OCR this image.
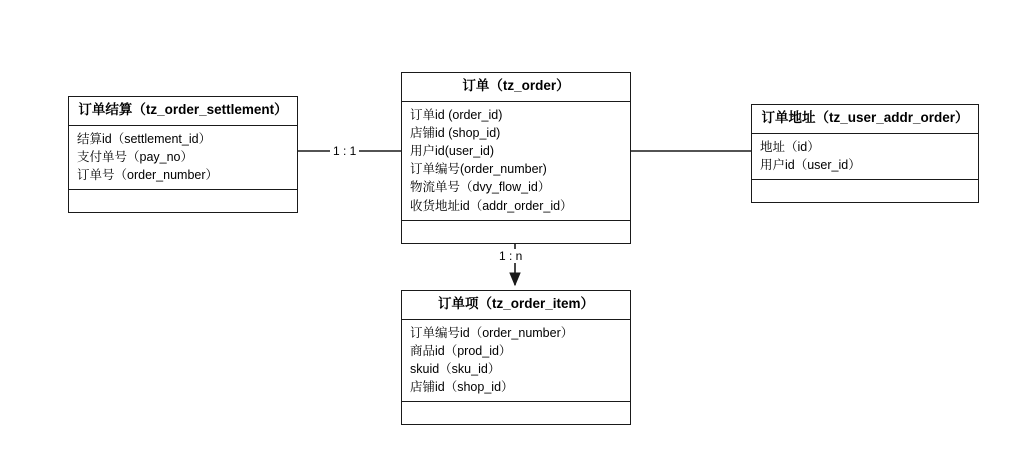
订单结算（tz_order_settlement）
结算id（settlement_id）
支付单号（pay_no）
订单号（order_number）
订单（tz_order）
订单id (order_id)
店铺id (shop_id)
用户id(user_id)
订单编号(order_number)
物流单号（dvy_flow_id）
收货地址id（addr_order_id）
订单地址（tz_user_addr_order）
地址（id）
用户id（user_id）
订单项（tz_order_item）
订单编号id（order_number）
商品id（prod_id）
skuid（sku_id）
店铺id（shop_id）
1 : 1
1 : n
